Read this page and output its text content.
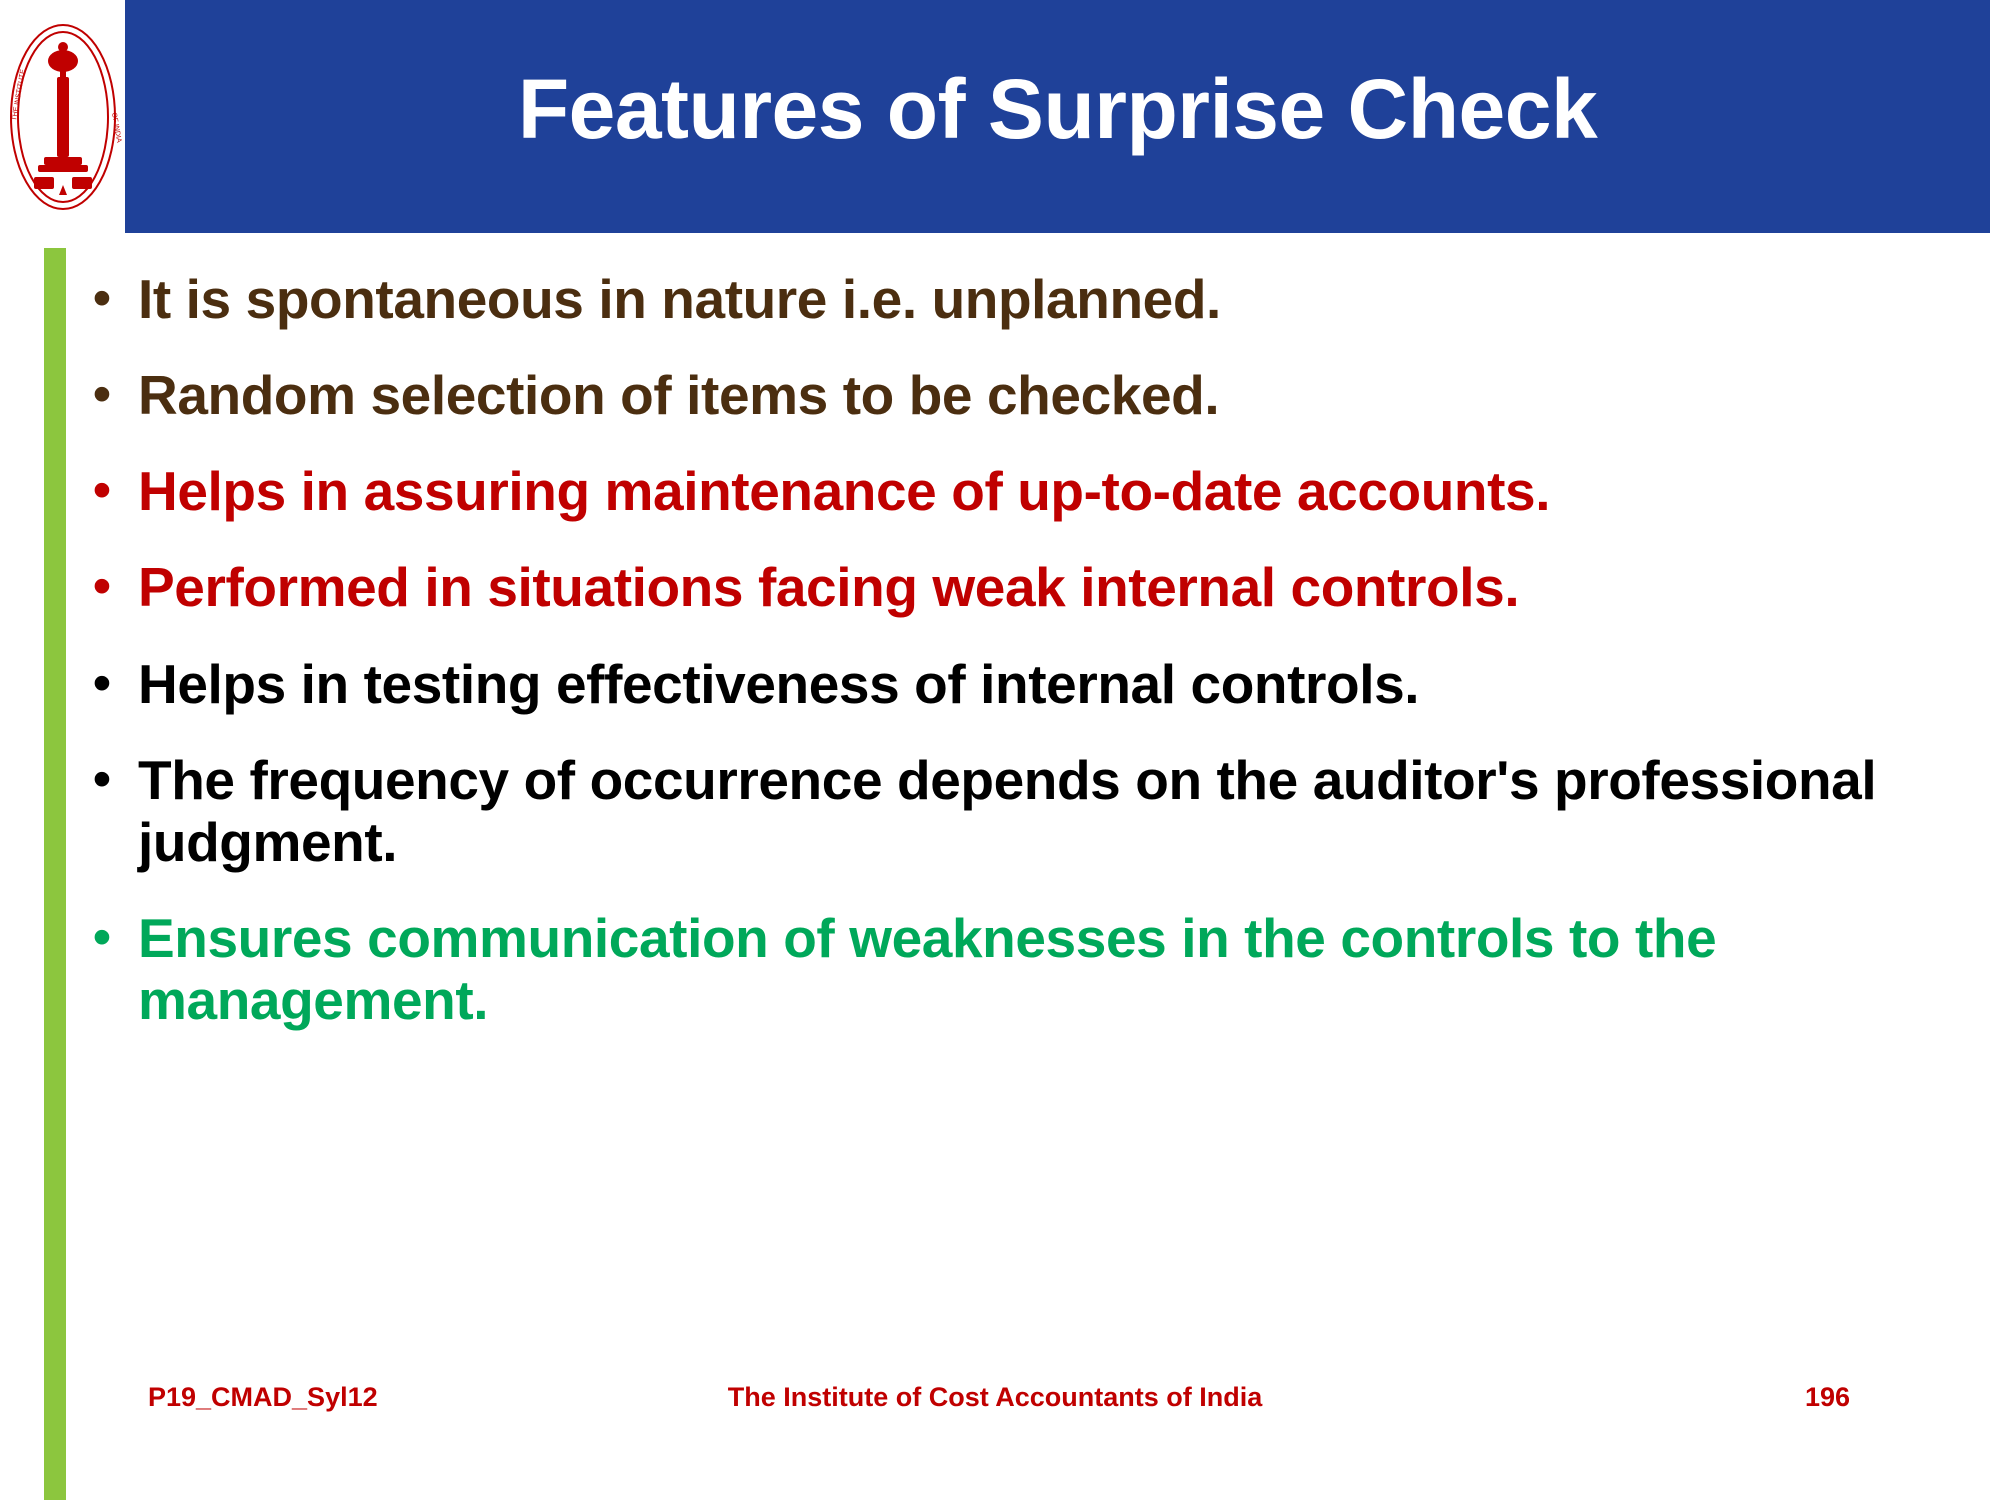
THE INSTITUTE
OF INDIA	Features of Surprise Check
• It is spontaneous in nature i.e. unplanned.
• Random selection of items to be checked.
• Helps in assuring maintenance of up-to-date accounts.
• Performed in situations facing weak internal controls.
• Helps in testing effectiveness of internal controls.
• The frequency of occurrence depends on the auditor's professional judgment.
• Ensures communication of weaknesses in the controls to the management.
P19_CMAD_Syl12	The Institute of Cost Accountants of India	196
